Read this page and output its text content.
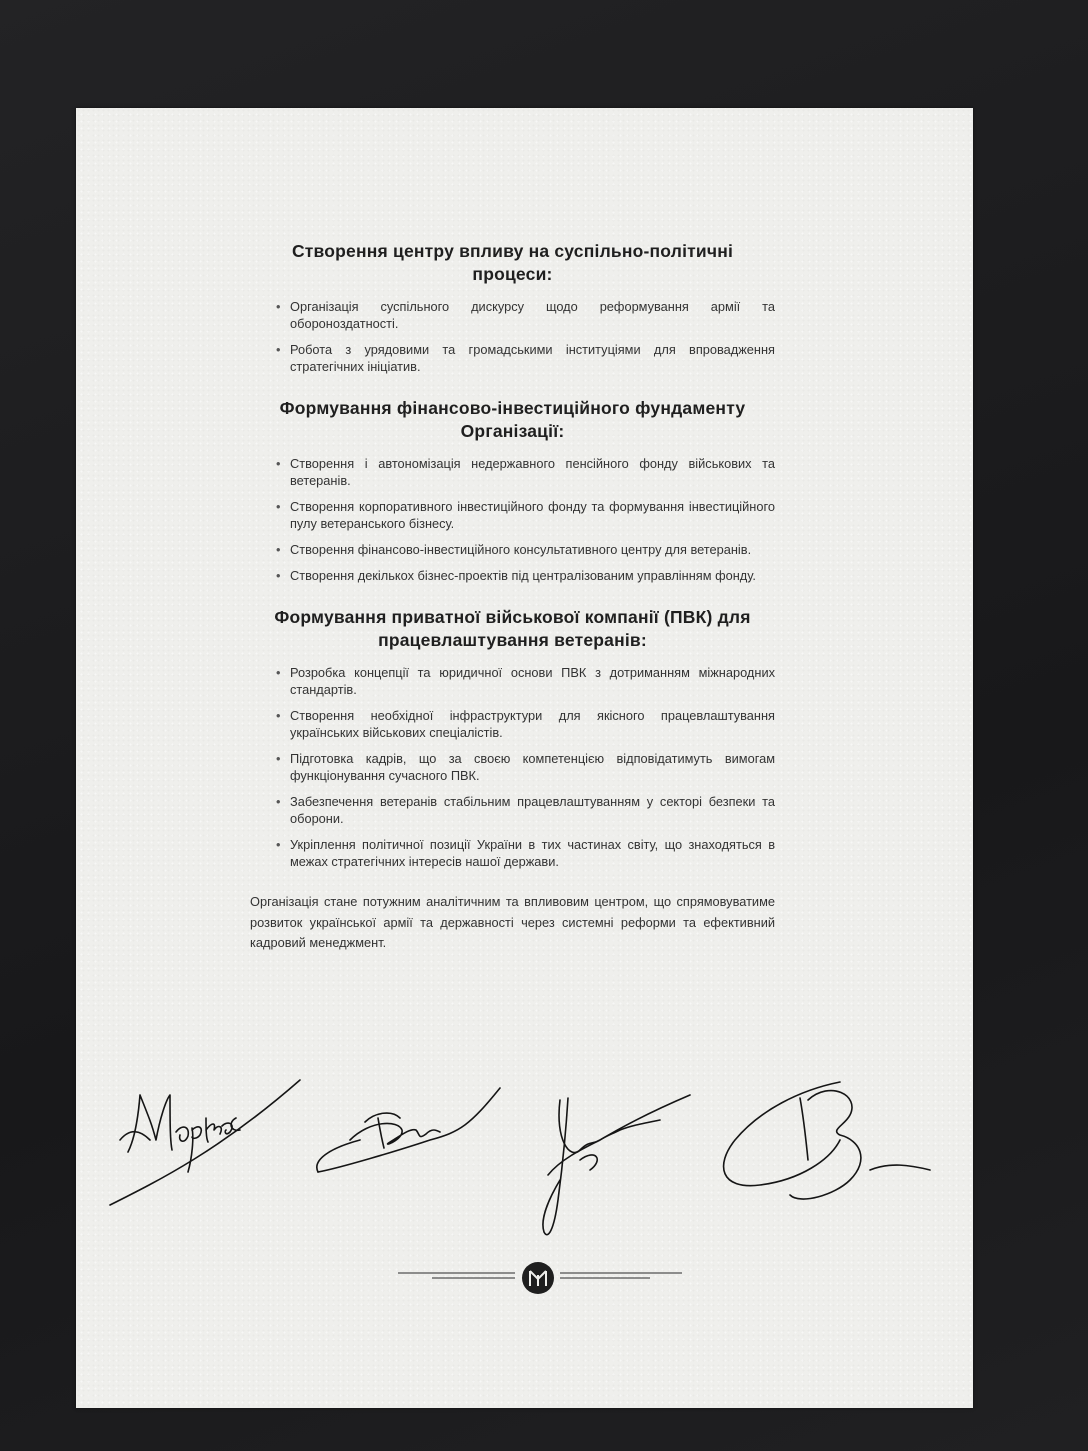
Створення центру впливу на суспільно-політичні процеси:
• Організація суспільного дискурсу щодо реформування армії та обороноздатності.
• Робота з урядовими та громадськими інституціями для впровадження стратегічних ініціатив.
Формування фінансово-інвестиційного фундаменту Організації:
• Створення і автономізація недержавного пенсійного фонду військових та ветеранів.
• Створення корпоративного інвестиційного фонду та формування інвестиційного пулу ветеранського бізнесу.
• Створення фінансово-інвестиційного консультативного центру для ветеранів.
• Створення декількох бізнес-проектів під централізованим управлінням фонду.
Формування приватної військової компанії (ПВК) для працевлаштування ветеранів:
• Розробка концепції та юридичної основи ПВК з дотриманням міжнародних стандартів.
• Створення необхідної інфраструктури для якісного працевлаштування українських військових спеціалістів.
• Підготовка кадрів, що за своєю компетенцією відповідатимуть вимогам функціонування сучасного ПВК.
• Забезпечення ветеранів стабільним працевлаштуванням у секторі безпеки та оборони.
• Укріплення політичної позиції України в тих частинах світу, що знаходяться в межах стратегічних інтересів нашої держави.
Організація стане потужним аналітичним та впливовим центром, що спрямовуватиме розвиток української армії та державності через системні реформи та ефективний кадровий менеджмент.
